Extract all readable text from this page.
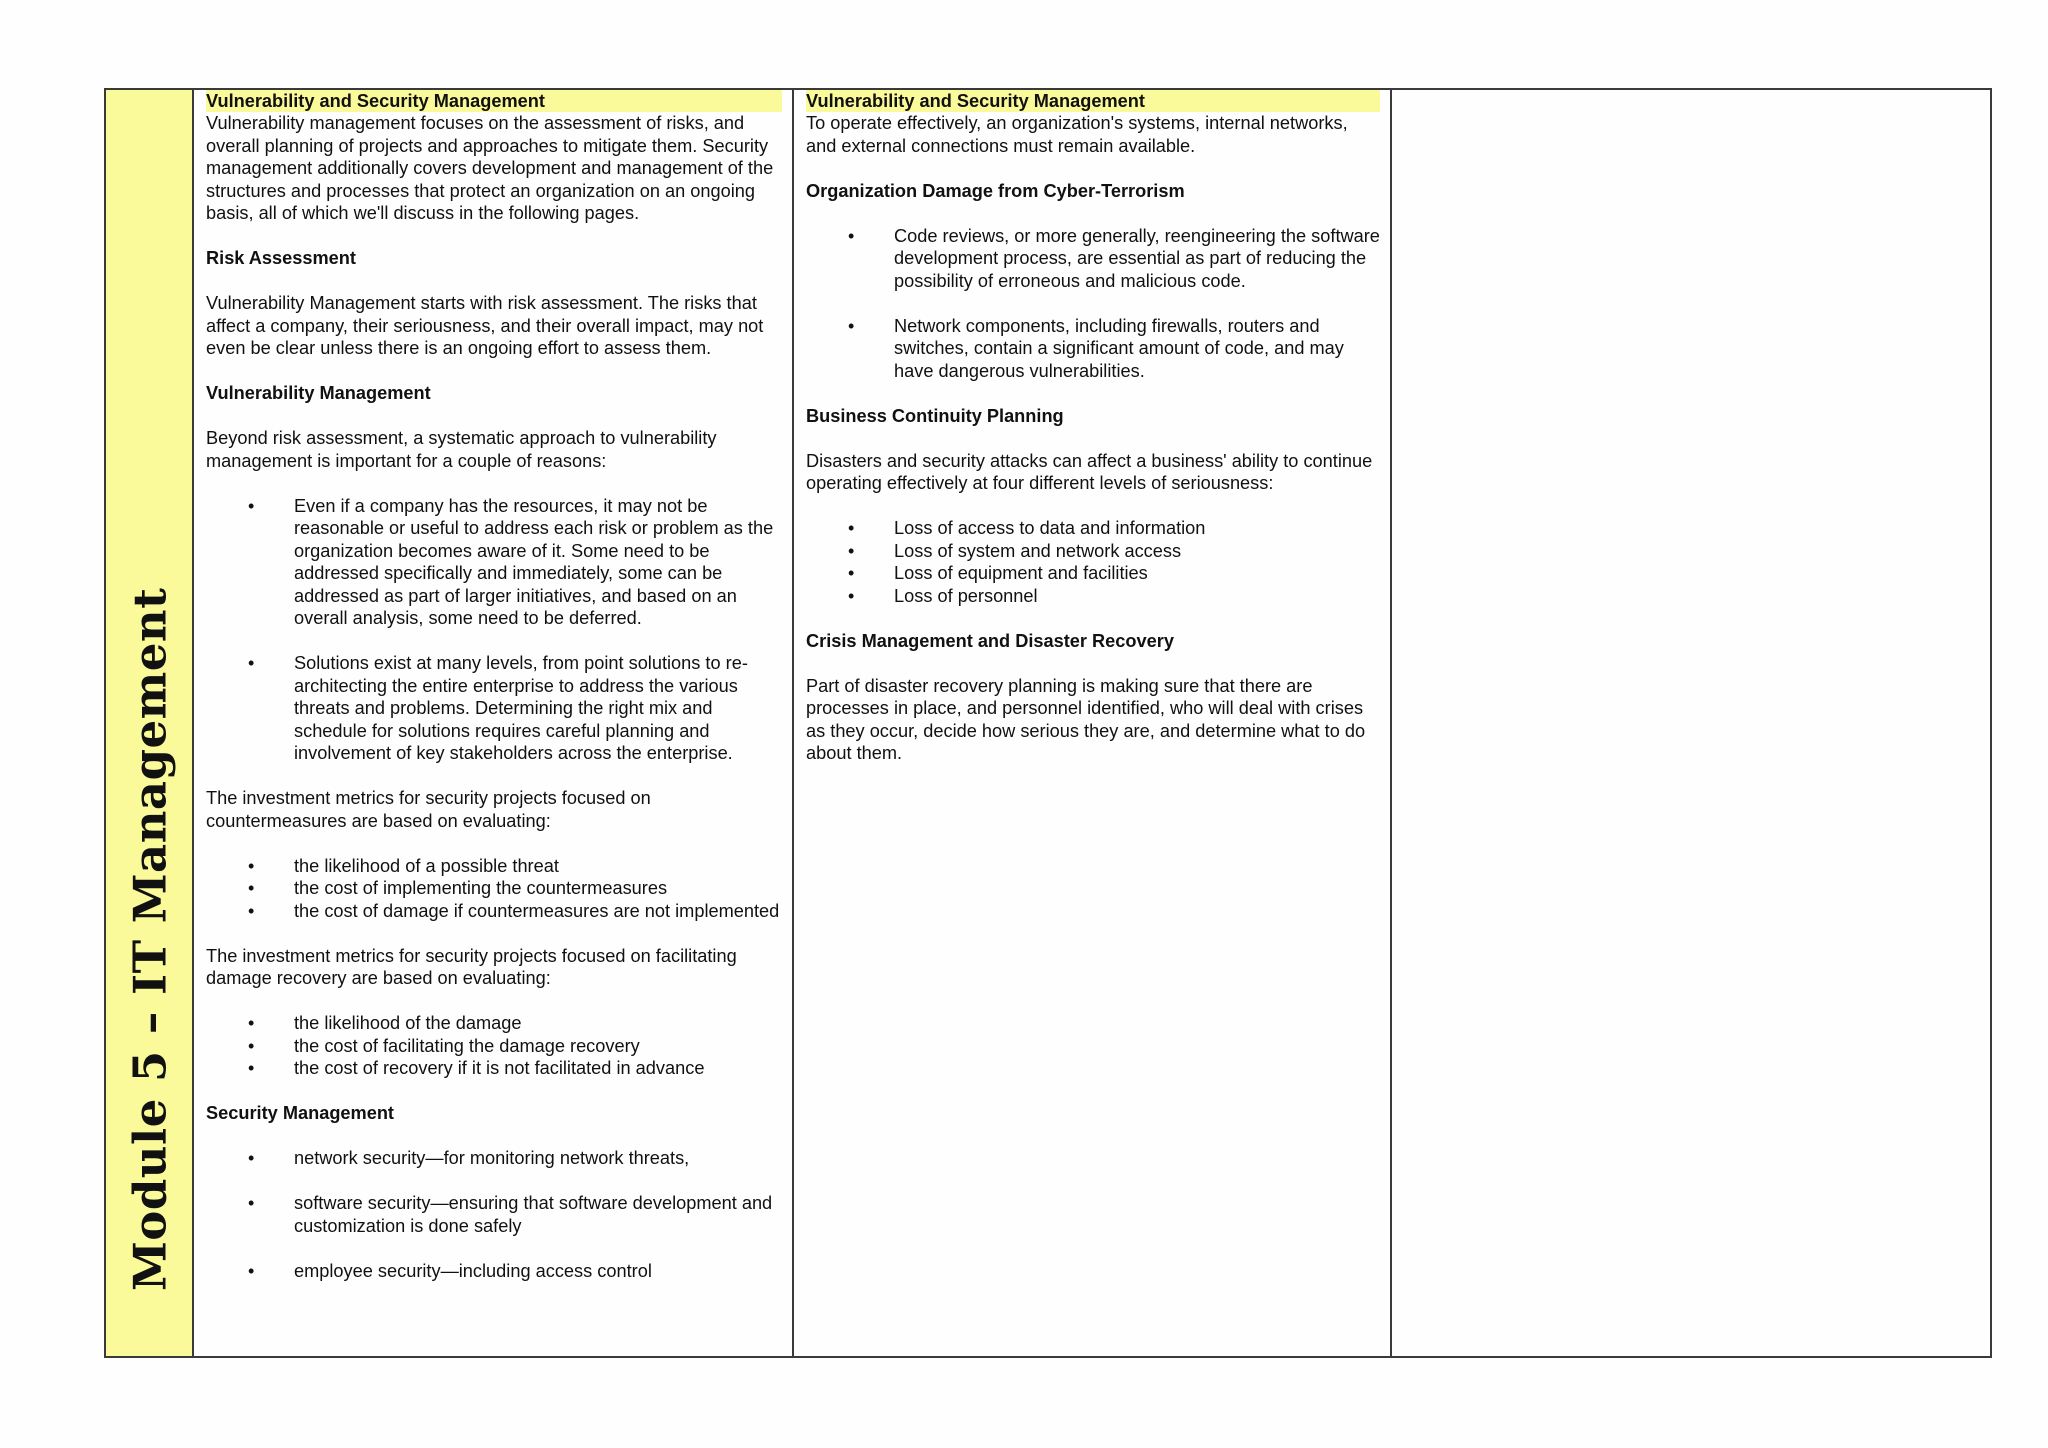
Module 5 – IT Management
Vulnerability and Security Management

Vulnerability management focuses on the assessment of risks, and overall planning of projects and approaches to mitigate them. Security management additionally covers development and management of the structures and processes that protect an organization on an ongoing basis, all of which we'll discuss in the following pages.

Risk Assessment

Vulnerability Management starts with risk assessment. The risks that affect a company, their seriousness, and their overall impact, may not even be clear unless there is an ongoing effort to assess them.

Vulnerability Management

Beyond risk assessment, a systematic approach to vulnerability management is important for a couple of reasons:

• Even if a company has the resources, it may not be reasonable or useful to address each risk or problem as the organization becomes aware of it. Some need to be addressed specifically and immediately, some can be addressed as part of larger initiatives, and based on an overall analysis, some need to be deferred.
• Solutions exist at many levels, from point solutions to re-architecting the entire enterprise to address the various threats and problems. Determining the right mix and schedule for solutions requires careful planning and involvement of key stakeholders across the enterprise.

The investment metrics for security projects focused on countermeasures are based on evaluating:

• the likelihood of a possible threat
• the cost of implementing the countermeasures
• the cost of damage if countermeasures are not implemented

The investment metrics for security projects focused on facilitating damage recovery are based on evaluating:

• the likelihood of the damage
• the cost of facilitating the damage recovery
• the cost of recovery if it is not facilitated in advance
Security Management
• network security—for monitoring network threats,
• software security—ensuring that software development and customization is done safely
• employee security—including access control
Vulnerability and Security Management

To operate effectively, an organization's systems, internal networks, and external connections must remain available.

Organization Damage from Cyber-Terrorism
• Code reviews, or more generally, reengineering the software development process, are essential as part of reducing the possibility of erroneous and malicious code.
• Network components, including firewalls, routers and switches, contain a significant amount of code, and may have dangerous vulnerabilities.
Business Continuity Planning

Disasters and security attacks can affect a business' ability to continue operating effectively at four different levels of seriousness:

• Loss of access to data and information
• Loss of system and network access
• Loss of equipment and facilities
• Loss of personnel
Crisis Management and Disaster Recovery

Part of disaster recovery planning is making sure that there are processes in place, and personnel identified, who will deal with crises as they occur, decide how serious they are, and determine what to do about them.
